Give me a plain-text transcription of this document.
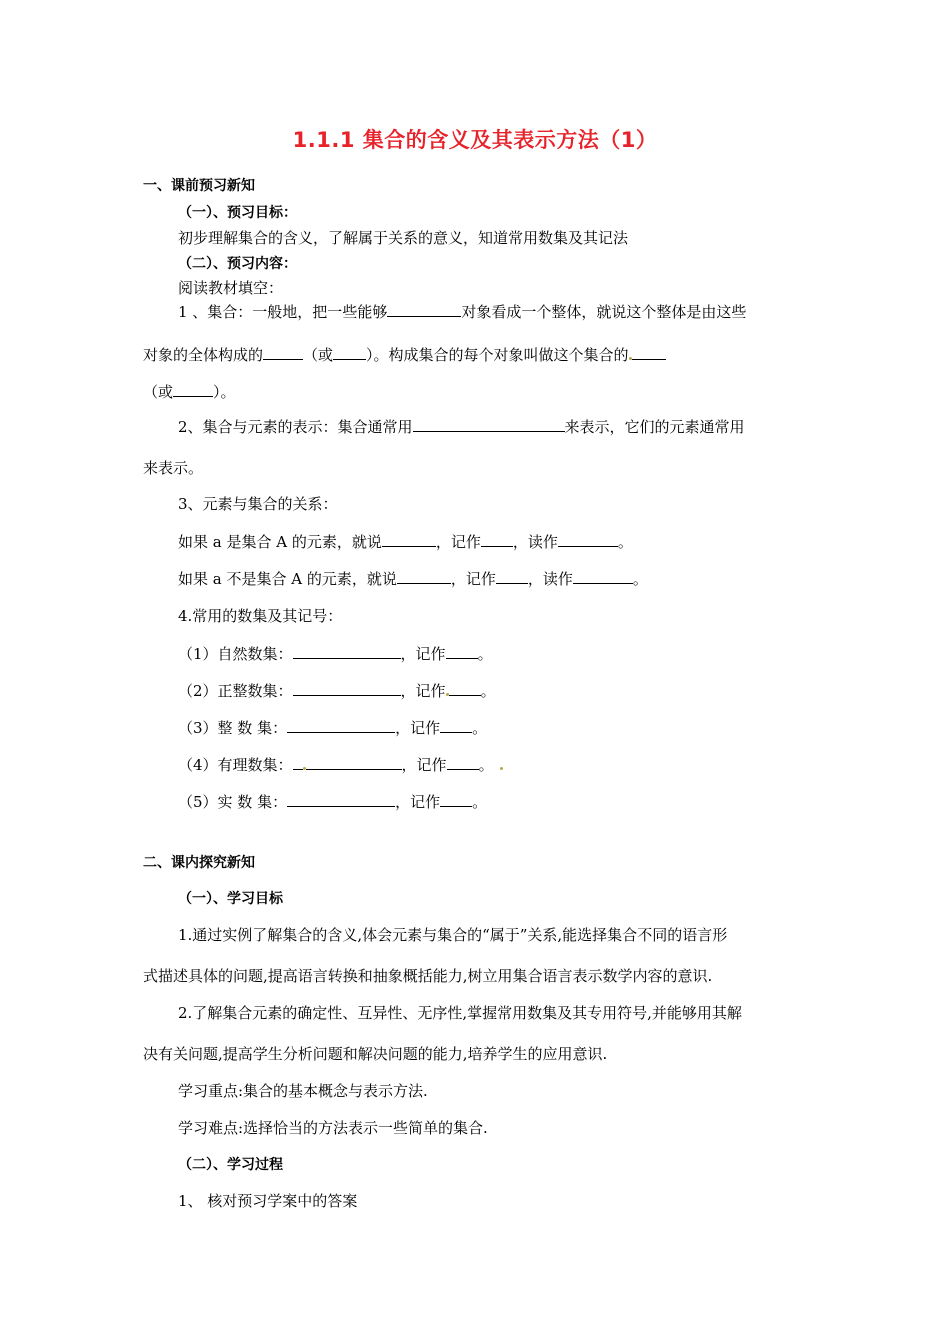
1.1.1 集合的含义及其表示方法（1）
一、课前预习新知
（一）、预习目标：
初步理解集合的含义，了解属于关系的意义，知道常用数集及其记法
（二）、预习内容：
阅读教材填空：
1 、集合：一般地，把一些能够	对象看成一个整体，就说这个整体是由这些
对象的全体构成的	（或 ）。构成集合的每个对象叫做这个集合的
（或	）。
2、集合与元素的表示：集合通常用	来表示，它们的元素通常用
来表示。
3、元素与集合的关系：
如果 a 是集合 A 的元素，就说	，记作 ，读作	。
如果 a 不是集合 A 的元素，就说	，记作 ，读作	。
4.常用的数集及其记号：
（1）自然数集：	，记作 。
（2）正整数集：	，记作 。
（3）整 数 集：	，记作 。
（4）有理数集：	，记作 。
（5）实 数 集：	，记作 。
二、课内探究新知
（一）、学习目标
1.通过实例了解集合的含义,体会元素与集合的“属于”关系,能选择集合不同的语言形
式描述具体的问题,提高语言转换和抽象概括能力,树立用集合语言表示数学内容的意识.
2.了解集合元素的确定性、互异性、无序性,掌握常用数集及其专用符号,并能够用其解
决有关问题,提高学生分析问题和解决问题的能力,培养学生的应用意识.
学习重点:集合的基本概念与表示方法.
学习难点:选择恰当的方法表示一些简单的集合.
（二）、学习过程
1、 核对预习学案中的答案
